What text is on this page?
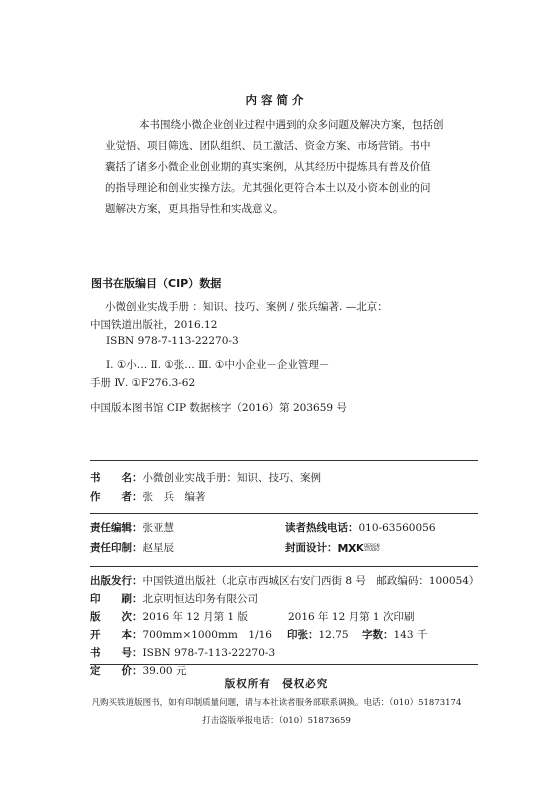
内容简介
本书围绕小微企业创业过程中遇到的众多问题及解决方案，包括创
业觉悟、项目筛选、团队组织、员工激活、资金方案、市场营销。书中
囊括了诸多小微企业创业期的真实案例，从其经历中提炼具有普及价值
的指导理论和创业实操方法。尤其强化更符合本土以及小资本创业的问
题解决方案，更具指导性和实战意义。
图书在版编目（CIP）数据
小微创业实战手册 ：知识、技巧、案例 / 张兵编著. —北京：
中国铁道出版社，2016.12
ISBN 978-7-113-22270-3
Ⅰ. ①小… Ⅱ. ①张… Ⅲ. ①中小企业－企业管理－
手册 Ⅳ. ①F276.3-62
中国版本图书馆 CIP 数据核字（2016）第 203659 号
书　　名：小微创业实战手册：知识、技巧、案例
作　　者：张　兵　编著
责任编辑：张亚慧	读者热线电话：010-63560056
责任印制：赵星辰	封面设计：MXKDESIGN
STUDIO
出版发行：中国铁道出版社（北京市西城区右安门西街 8 号　邮政编码：100054）
印　　刷：北京明恒达印务有限公司
版　　次：2016 年 12 月第 1 版	2016 年 12 月第 1 次印刷
开　　本：700mm×1000mm　1/16 印张：12.75 字数：143 千
书　　号：ISBN 978-7-113-22270-3
定　　价：39.00 元
版权所有　侵权必究
凡购买铁道版图书，如有印制质量问题，请与本社读者服务部联系调换。电话：（010）51873174
打击盗版举报电话：（010）51873659
